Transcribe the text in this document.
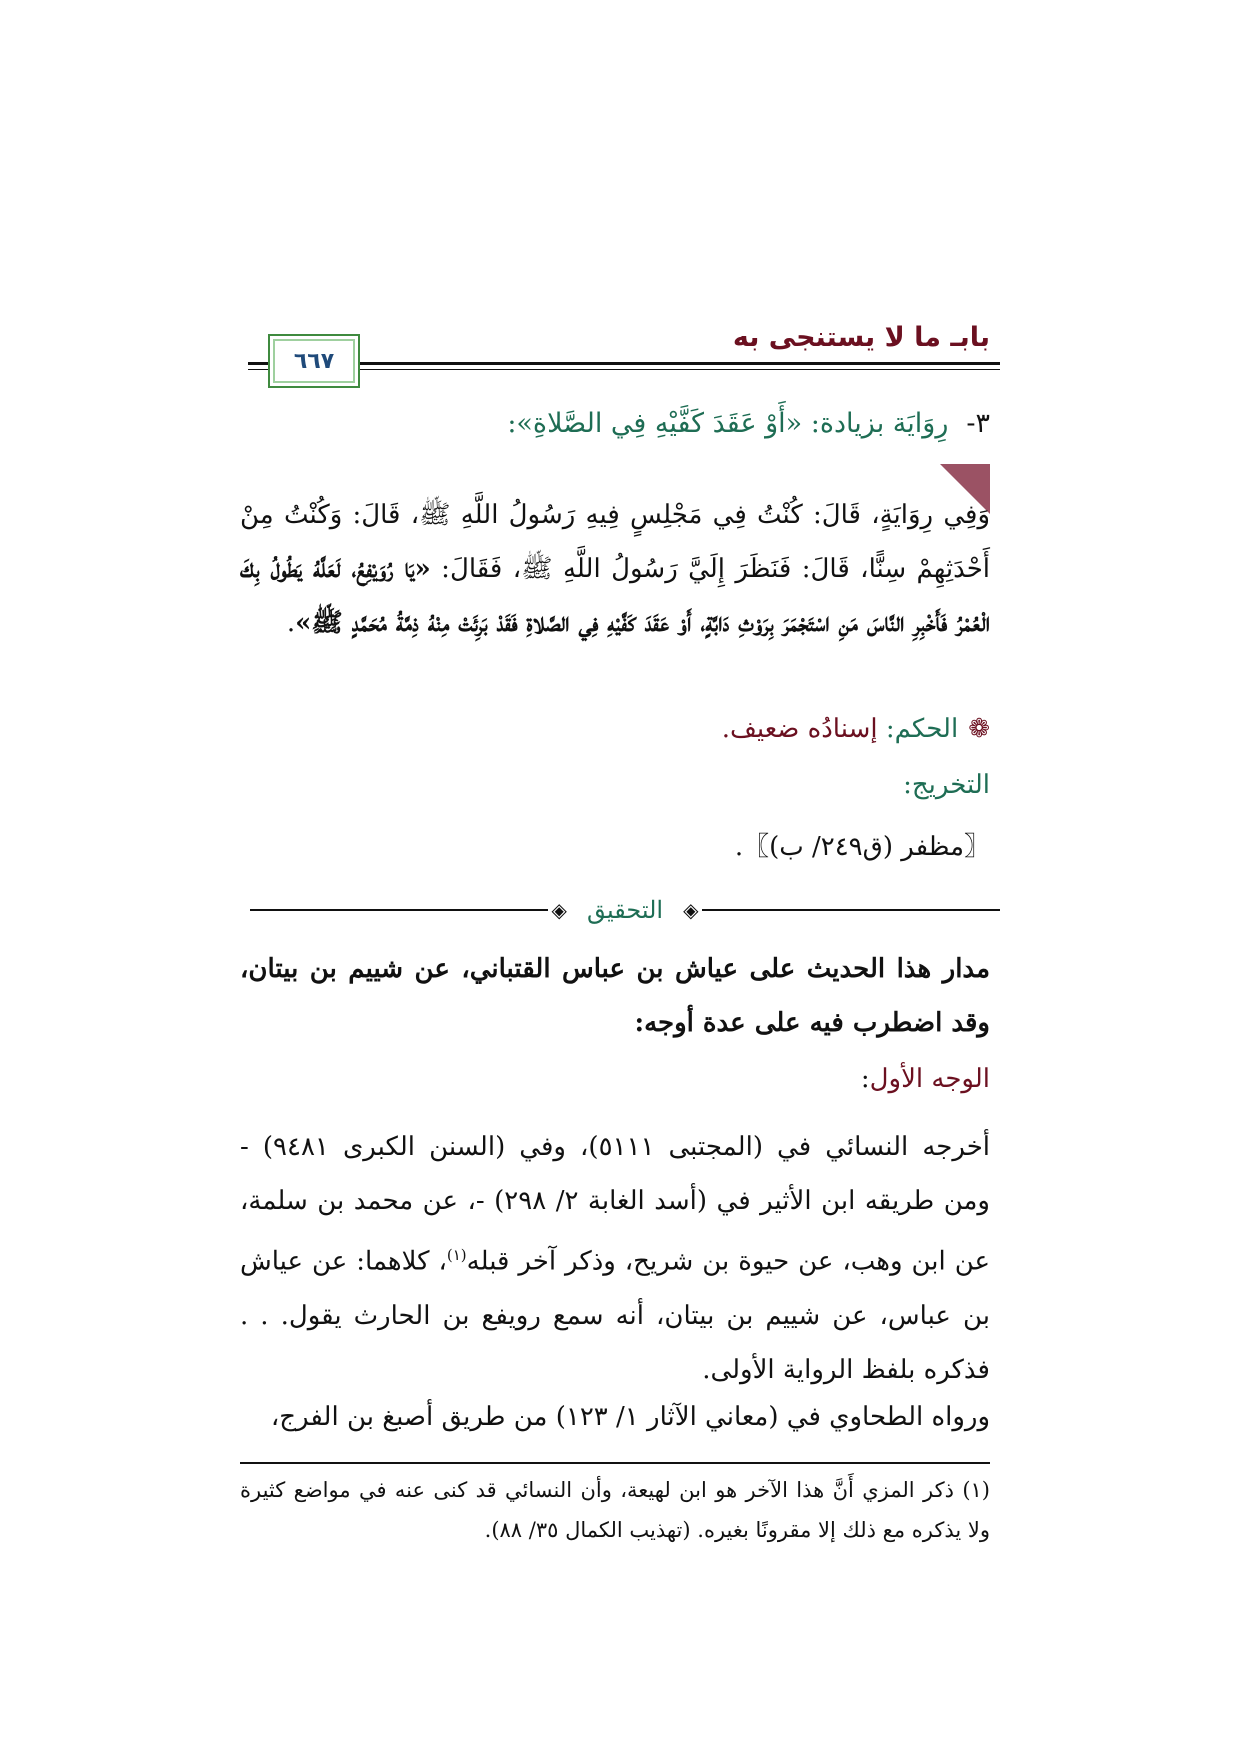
بابـ ما لا يستنجى به
٦٦٧
٣-رِوَايَة بزيادة: «أَوْ عَقَدَ كَفَّيْهِ فِي الصَّلاةِ»:
وَفِي رِوَايَةٍ، قَالَ: كُنْتُ فِي مَجْلِسٍ فِيهِ رَسُولُ اللَّهِ ﷺ، قَالَ: وَكُنْتُ مِنْ أَحْدَثِهِمْ سِنًّا، قَالَ: فَنَظَرَ إِلَيَّ رَسُولُ اللَّهِ ﷺ، فَقَالَ: «يَا رُوَيْفِعُ، لَعَلَّهُ يَطُولُ بِكَ الْعُمْرُ فَأَخْبِرِ النَّاسَ مَنِ اسْتَجْمَرَ بِرَوْثِ دَابَّةٍ، أَوْ عَقَدَ كَفَّيْهِ فِي الصَّلاةِ فَقَدْ بَرِئَتْ مِنْهُ ذِمَّةُ مُحَمَّدٍ ﷺ».
❁الحكم: إسنادُه ضعيف.
التخريج:
〖مظفر (ق٢٤٩/ ب)〗.
◈
التحقيق
◈
مدار هذا الحديث على عياش بن عباس القتباني، عن شييم بن بيتان، وقد اضطرب فيه على عدة أوجه:
الوجه الأول:
أخرجه النسائي في (المجتبى ٥١١١)، وفي (السنن الكبرى ٩٤٨١) - ومن طريقه ابن الأثير في (أسد الغابة ٢/ ٢٩٨) -، عن محمد بن سلمة، عن ابن وهب، عن حيوة بن شريح، وذكر آخر قبله$^{(١)}$، كلاهما: عن عياش بن عباس، عن شييم بن بيتان، أنه سمع رويفع بن الحارث يقول. . . فذكره بلفظ الرواية الأولى.
ورواه الطحاوي في (معاني الآثار ١/ ١٢٣) من طريق أصبغ بن الفرج،
(١) ذكر المزي أَنَّ هذا الآخر هو ابن لهيعة، وأن النسائي قد كنى عنه في مواضع كثيرة ولا يذكره مع ذلك إلا مقرونًا بغيره. (تهذيب الكمال ٣٥/ ٨٨).
